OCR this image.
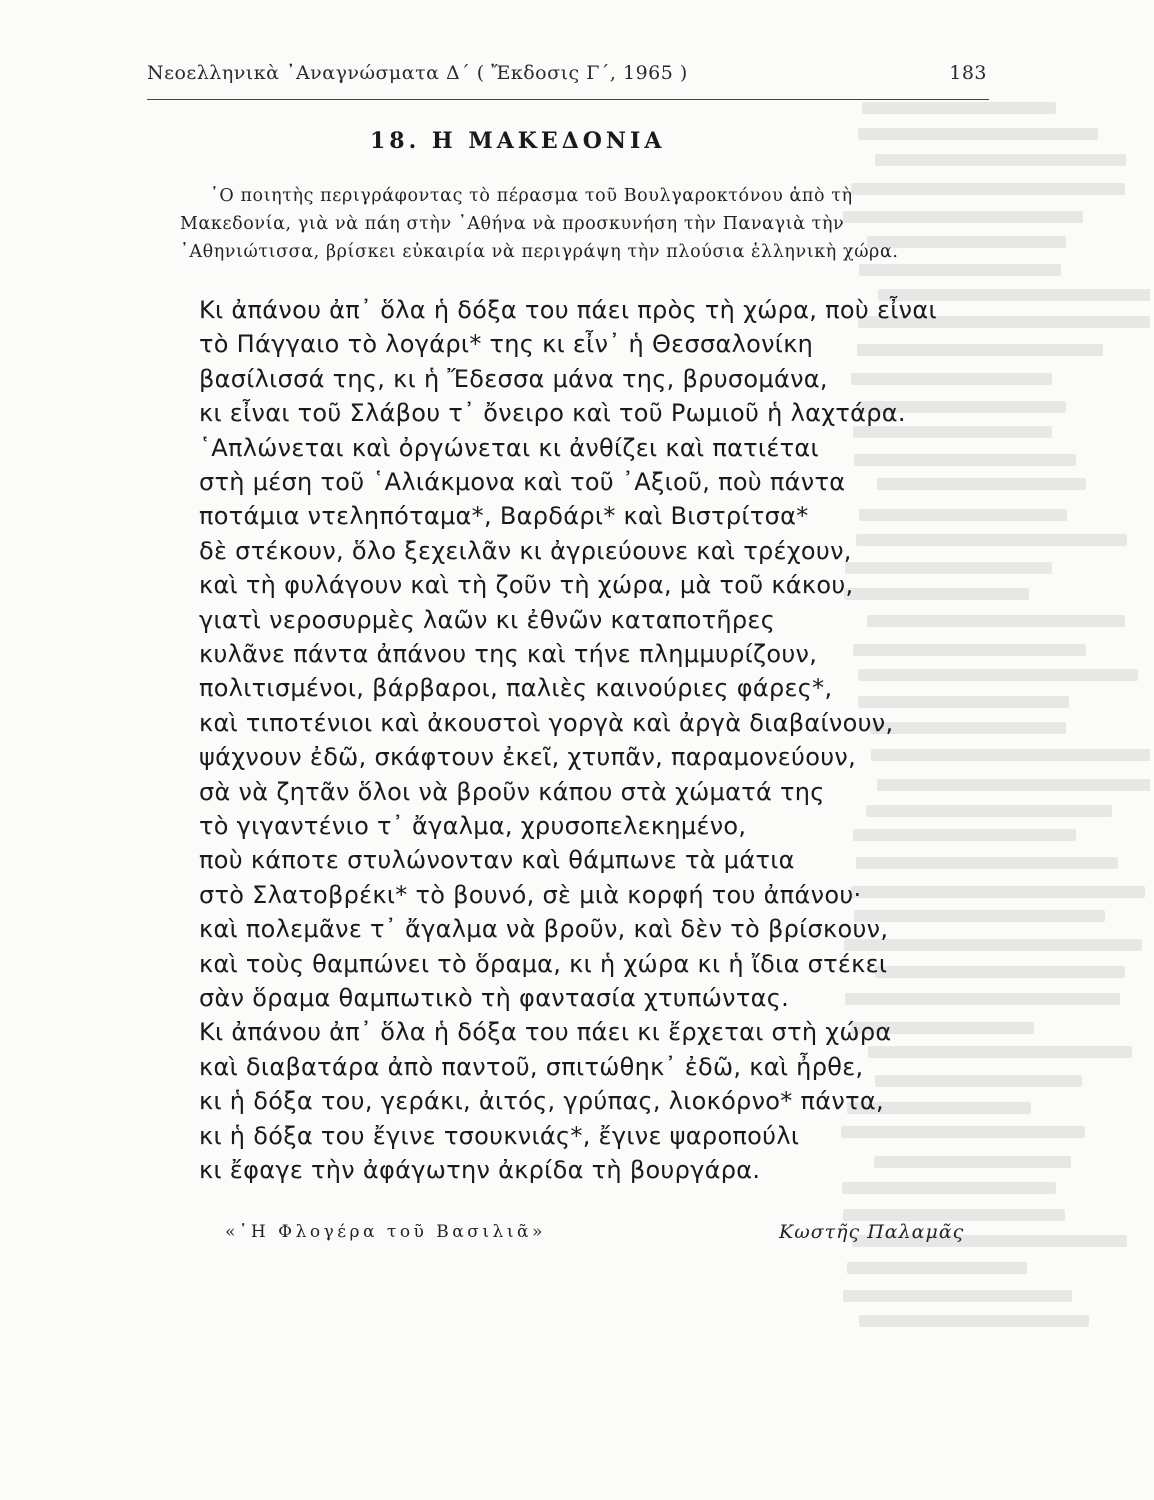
Νεοελληνικὰ ᾿Αναγνώσματα Δ΄ ( Ἔκδοσις Γ΄, 1965 )	183
18. Η ΜΑΚΕΔΟΝΙΑ
῾Ο ποιητὴς περιγράφοντας τὸ πέρασμα τοῦ Βουλγαροκτόνου ἀπὸ τὴ
Μακεδονία, γιὰ νὰ πάη στὴν ᾿Αθήνα νὰ προσκυνήση τὴν Παναγιὰ τὴν
᾿Αθηνιώτισσα, βρίσκει εὐκαιρία νὰ περιγράψη τὴν πλούσια ἑλληνικὴ χώρα.
Κι ἀπάνου ἀπ᾿ ὅλα ἡ δόξα του πάει πρὸς τὴ χώρα, ποὺ εἶναι
τὸ Πάγγαιο τὸ λογάρι* της κι εἶν᾿ ἡ Θεσσαλονίκη
βασίλισσά της, κι ἡ Ἔδεσσα μάνα της, βρυσομάνα,
κι εἶναι τοῦ Σλάβου τ᾿ ὄνειρο καὶ τοῦ Ρωμιοῦ ἡ λαχτάρα.
῾Απλώνεται καὶ ὀργώνεται κι ἀνθίζει καὶ πατιέται
στὴ μέση τοῦ ῾Αλιάκμονα καὶ τοῦ ᾿Αξιοῦ, ποὺ πάντα
ποτάμια ντεληπόταμα*, Βαρδάρι* καὶ Βιστρίτσα*
δὲ στέκουν, ὅλο ξεχειλᾶν κι ἀγριεύουνε καὶ τρέχουν,
καὶ τὴ φυλάγουν καὶ τὴ ζοῦν τὴ χώρα, μὰ τοῦ κάκου,
γιατὶ νεροσυρμὲς λαῶν κι ἐθνῶν καταποτῆρες
κυλᾶνε πάντα ἀπάνου της καὶ τήνε πλημμυρίζουν,
πολιτισμένοι, βάρβαροι, παλιὲς καινούριες φάρες*,
καὶ τιποτένιοι καὶ ἀκουστοὶ γοργὰ καὶ ἀργὰ διαβαίνουν,
ψάχνουν ἐδῶ, σκάφτουν ἐκεῖ, χτυπᾶν, παραμονεύουν,
σὰ νὰ ζητᾶν ὅλοι νὰ βροῦν κάπου στὰ χώματά της
τὸ γιγαντένιο τ᾿ ἄγαλμα, χρυσοπελεκημένο,
ποὺ κάποτε στυλώνονταν καὶ θάμπωνε τὰ μάτια
στὸ Σλατοβρέκι* τὸ βουνό, σὲ μιὰ κορφή του ἀπάνου·
καὶ πολεμᾶνε τ᾿ ἄγαλμα νὰ βροῦν, καὶ δὲν τὸ βρίσκουν,
καὶ τοὺς θαμπώνει τὸ ὅραμα, κι ἡ χώρα κι ἡ ἴδια στέκει
σὰν ὅραμα θαμπωτικὸ τὴ φαντασία χτυπώντας.
Κι ἀπάνου ἀπ᾿ ὅλα ἡ δόξα του πάει κι ἔρχεται στὴ χώρα
καὶ διαβατάρα ἀπὸ παντοῦ, σπιτώθηκ᾿ ἐδῶ, καὶ ἦρθε,
κι ἡ δόξα του, γεράκι, ἀιτός, γρύπας, λιοκόρνο* πάντα,
κι ἡ δόξα του ἔγινε τσουκνιάς*, ἔγινε ψαροπούλι
κι ἔφαγε τὴν ἀφάγωτην ἀκρίδα τὴ βουργάρα.
«῾Η Φλογέρα τοῦ Βασιλιᾶ»	Κωστῆς Παλαμᾶς
